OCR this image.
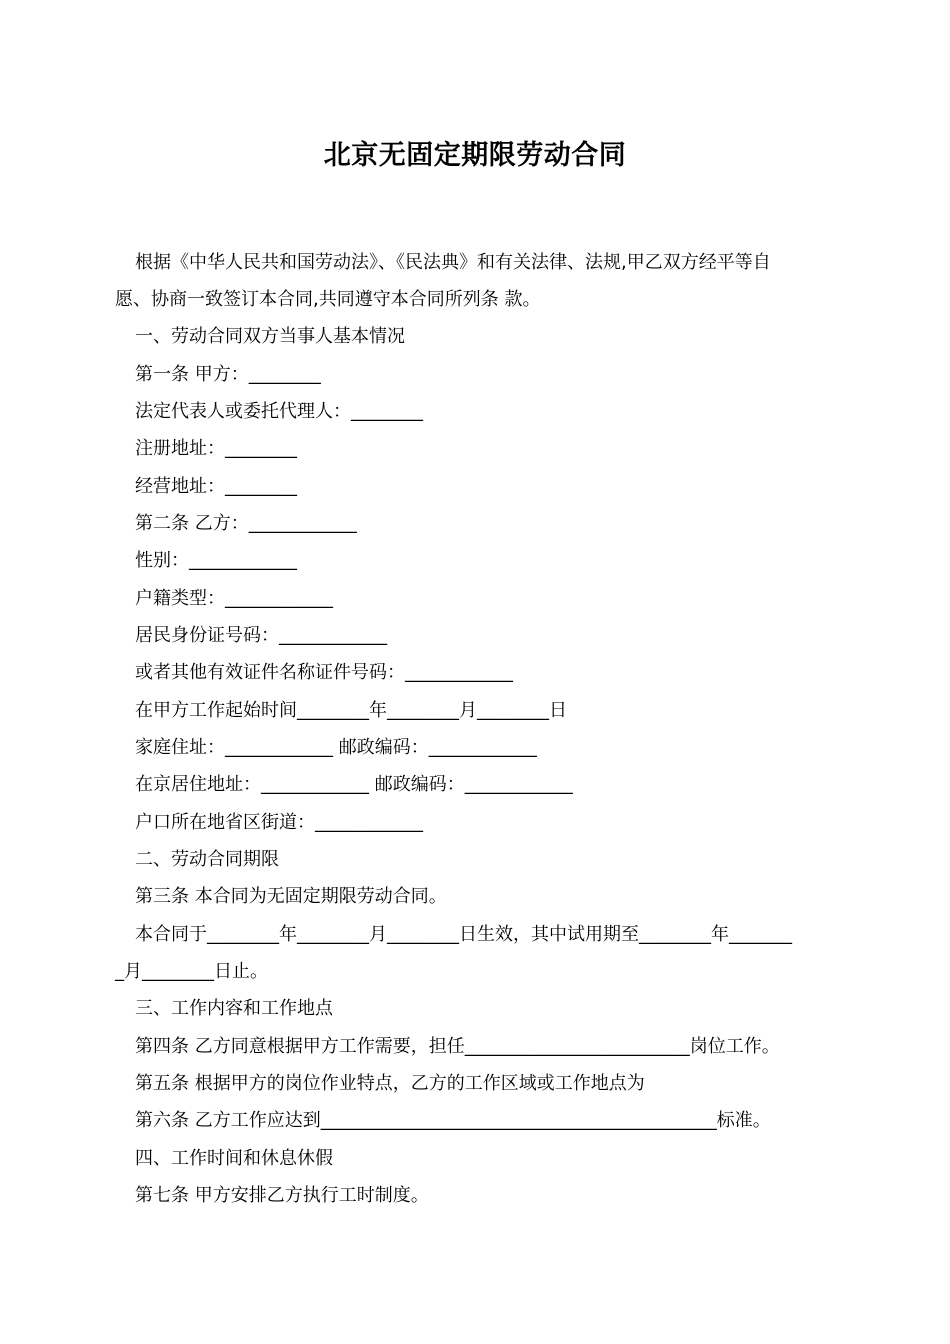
北京无固定期限劳动合同
根据《中华人民共和国劳动法》、《民法典》和有关法律、法规,甲乙双方经平等自
愿、协商一致签订本合同,共同遵守本合同所列条 款。
一、劳动合同双方当事人基本情况
第一条 甲方：________
法定代表人或委托代理人：________
注册地址：________
经营地址：________
第二条 乙方：____________
性别：____________
户籍类型：____________
居民身份证号码：____________
或者其他有效证件名称证件号码：____________
在甲方工作起始时间________年________月________日
家庭住址：____________ 邮政编码：____________
在京居住地址：____________ 邮政编码：____________
户口所在地省区街道：____________
二、劳动合同期限
第三条 本合同为无固定期限劳动合同。
本合同于________年________月________日生效，其中试用期至________年_______
_月________日止。
三、工作内容和工作地点
第四条 乙方同意根据甲方工作需要，担任_________________________岗位工作。
第五条 根据甲方的岗位作业特点，乙方的工作区域或工作地点为
第六条 乙方工作应达到____________________________________________标准。
四、工作时间和休息休假
第七条 甲方安排乙方执行工时制度。
